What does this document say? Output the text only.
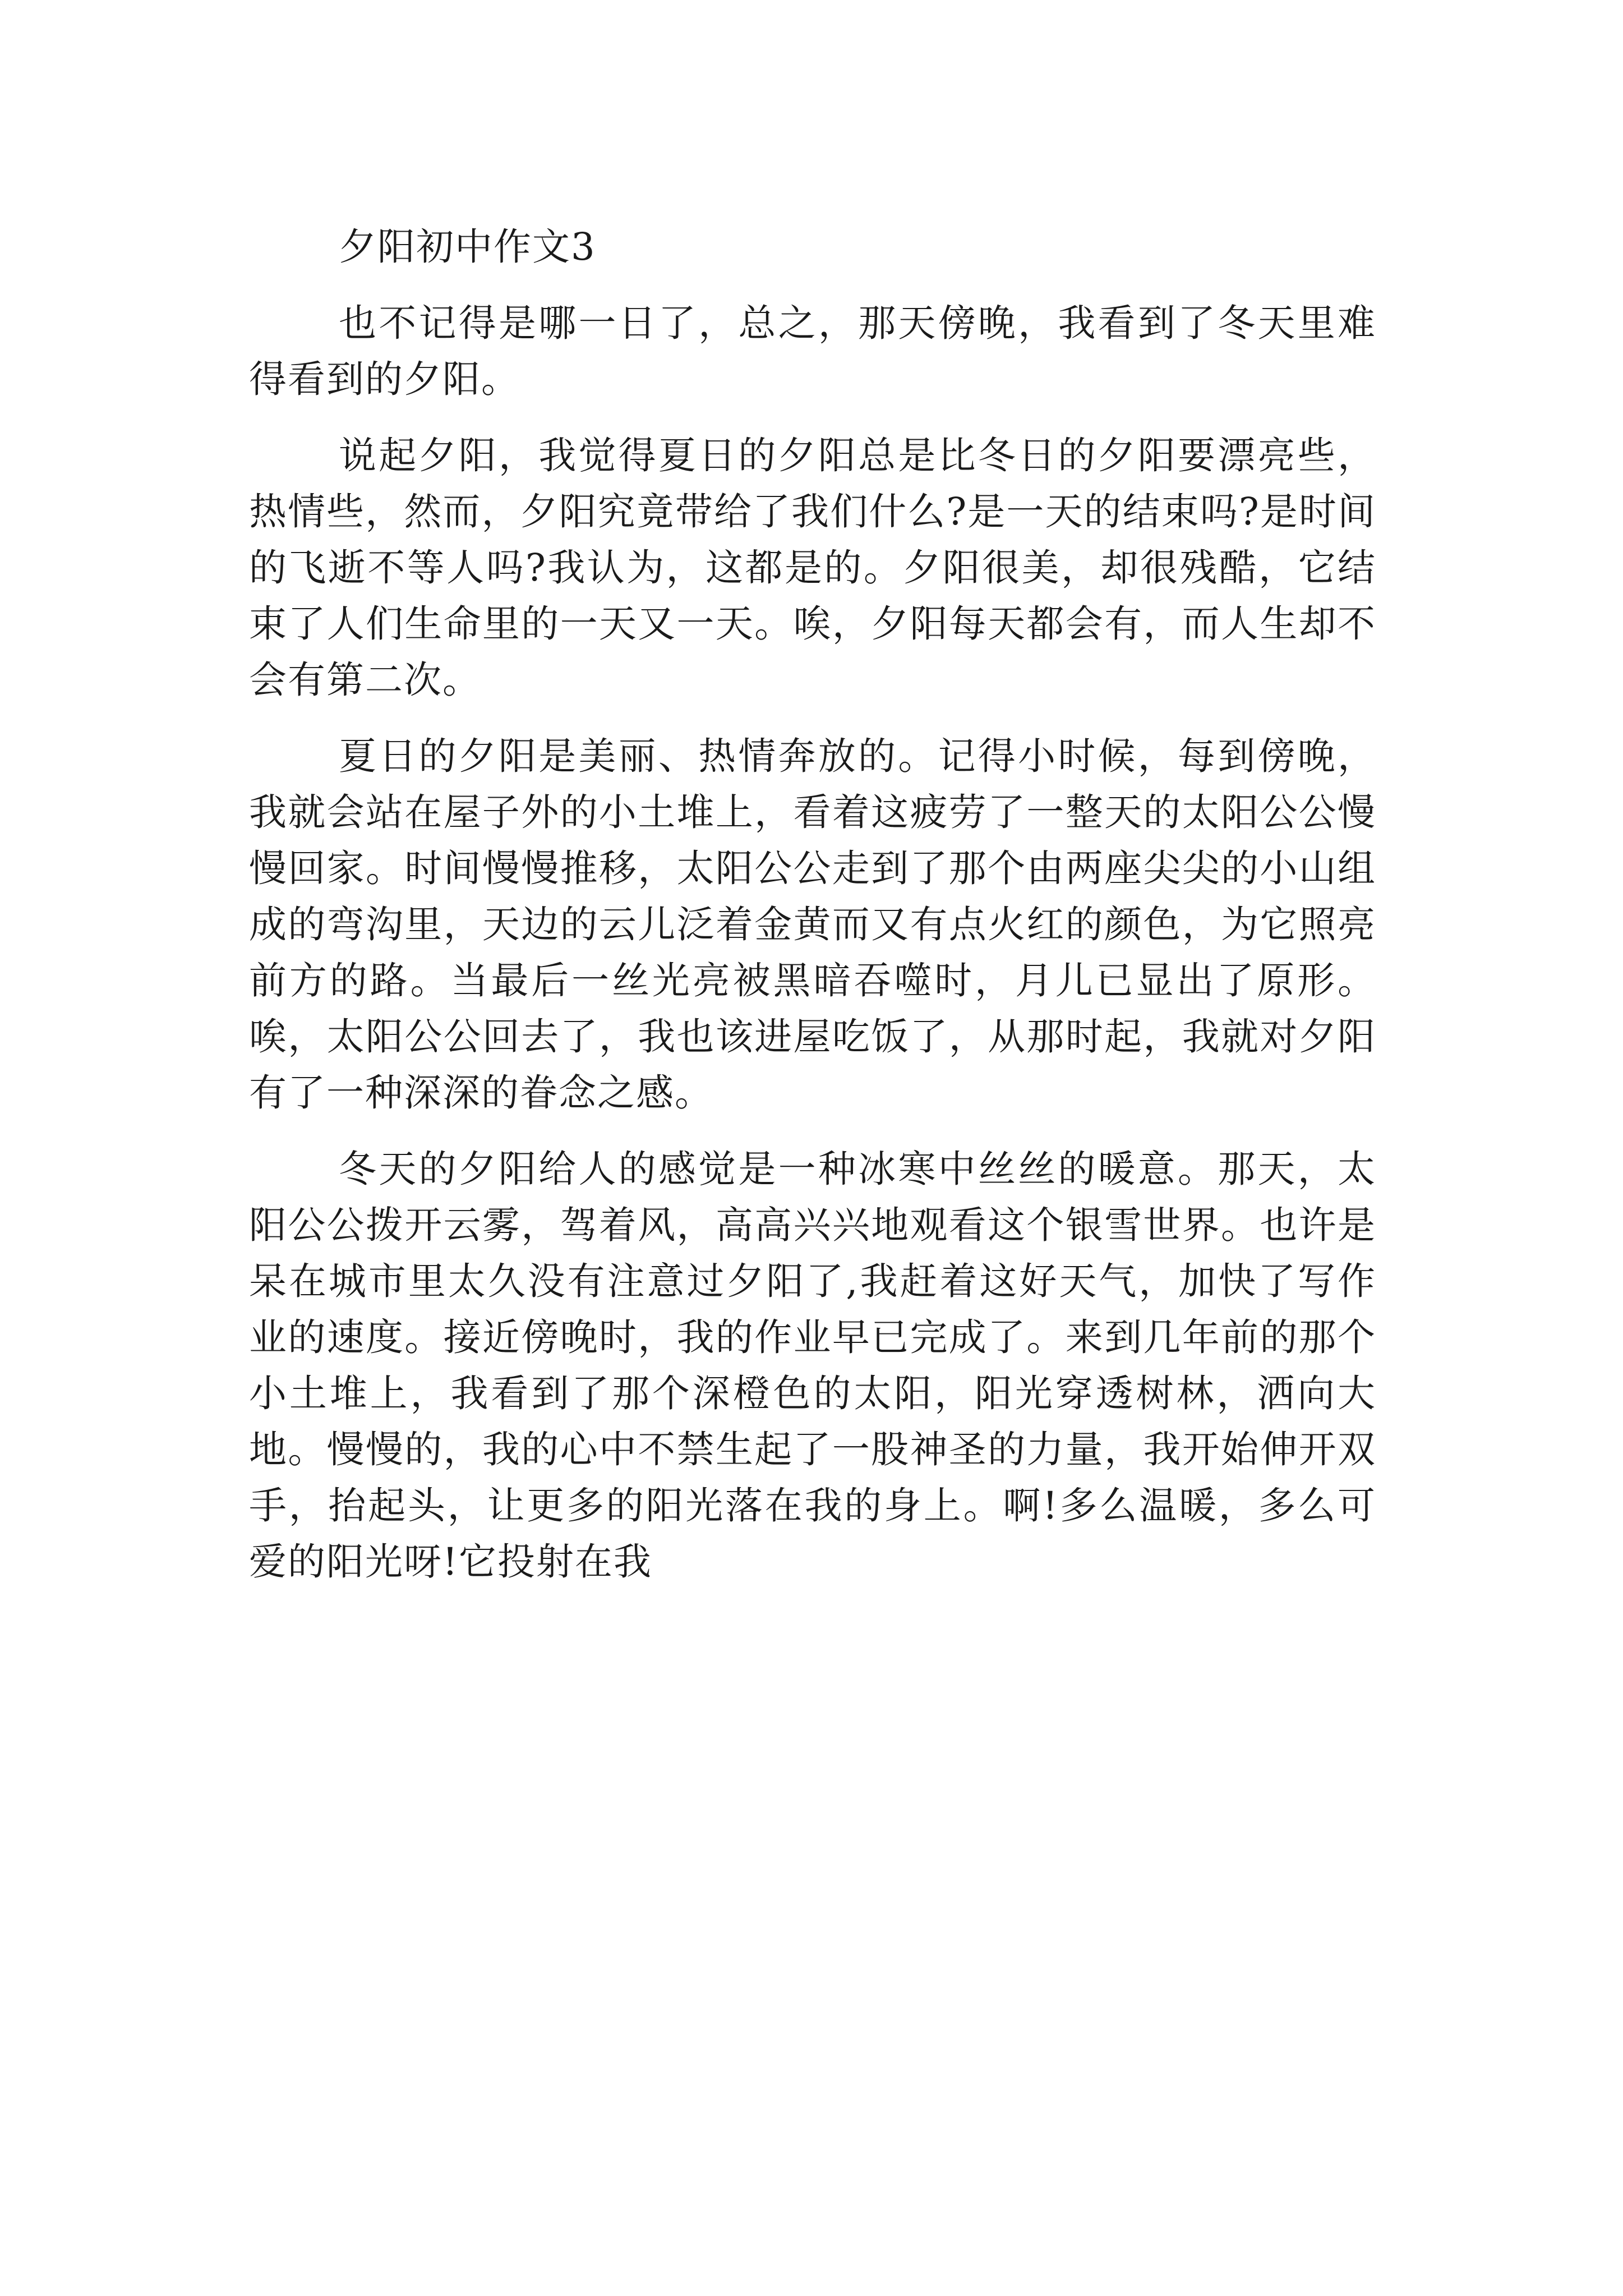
夕阳初中作文3

也不记得是哪一日了，总之，那天傍晚，我看到了冬天里难得看到的夕阳。

说起夕阳，我觉得夏日的夕阳总是比冬日的夕阳要漂亮些，热情些，然而，夕阳究竟带给了我们什么?是一天的结束吗?是时间的飞逝不等人吗?我认为，这都是的。夕阳很美，却很残酷，它结束了人们生命里的一天又一天。唉，夕阳每天都会有，而人生却不会有第二次。

夏日的夕阳是美丽、热情奔放的。记得小时候，每到傍晚，我就会站在屋子外的小土堆上，看着这疲劳了一整天的太阳公公慢慢回家。时间慢慢推移，太阳公公走到了那个由两座尖尖的小山组成的弯沟里，天边的云儿泛着金黄而又有点火红的颜色，为它照亮前方的路。当最后一丝光亮被黑暗吞噬时，月儿已显出了原形。唉，太阳公公回去了，我也该进屋吃饭了，从那时起，我就对夕阳有了一种深深的眷念之感。

冬天的夕阳给人的感觉是一种冰寒中丝丝的暖意。那天，太阳公公拨开云雾，驾着风，高高兴兴地观看这个银雪世界。也许是呆在城市里太久没有注意过夕阳了,我赶着这好天气，加快了写作业的速度。接近傍晚时，我的作业早已完成了。来到几年前的那个小土堆上，我看到了那个深橙色的太阳，阳光穿透树林，洒向大地。慢慢的，我的心中不禁生起了一股神圣的力量，我开始伸开双手，抬起头，让更多的阳光落在我的身上。啊!多么温暖，多么可爱的阳光呀!它投射在我
